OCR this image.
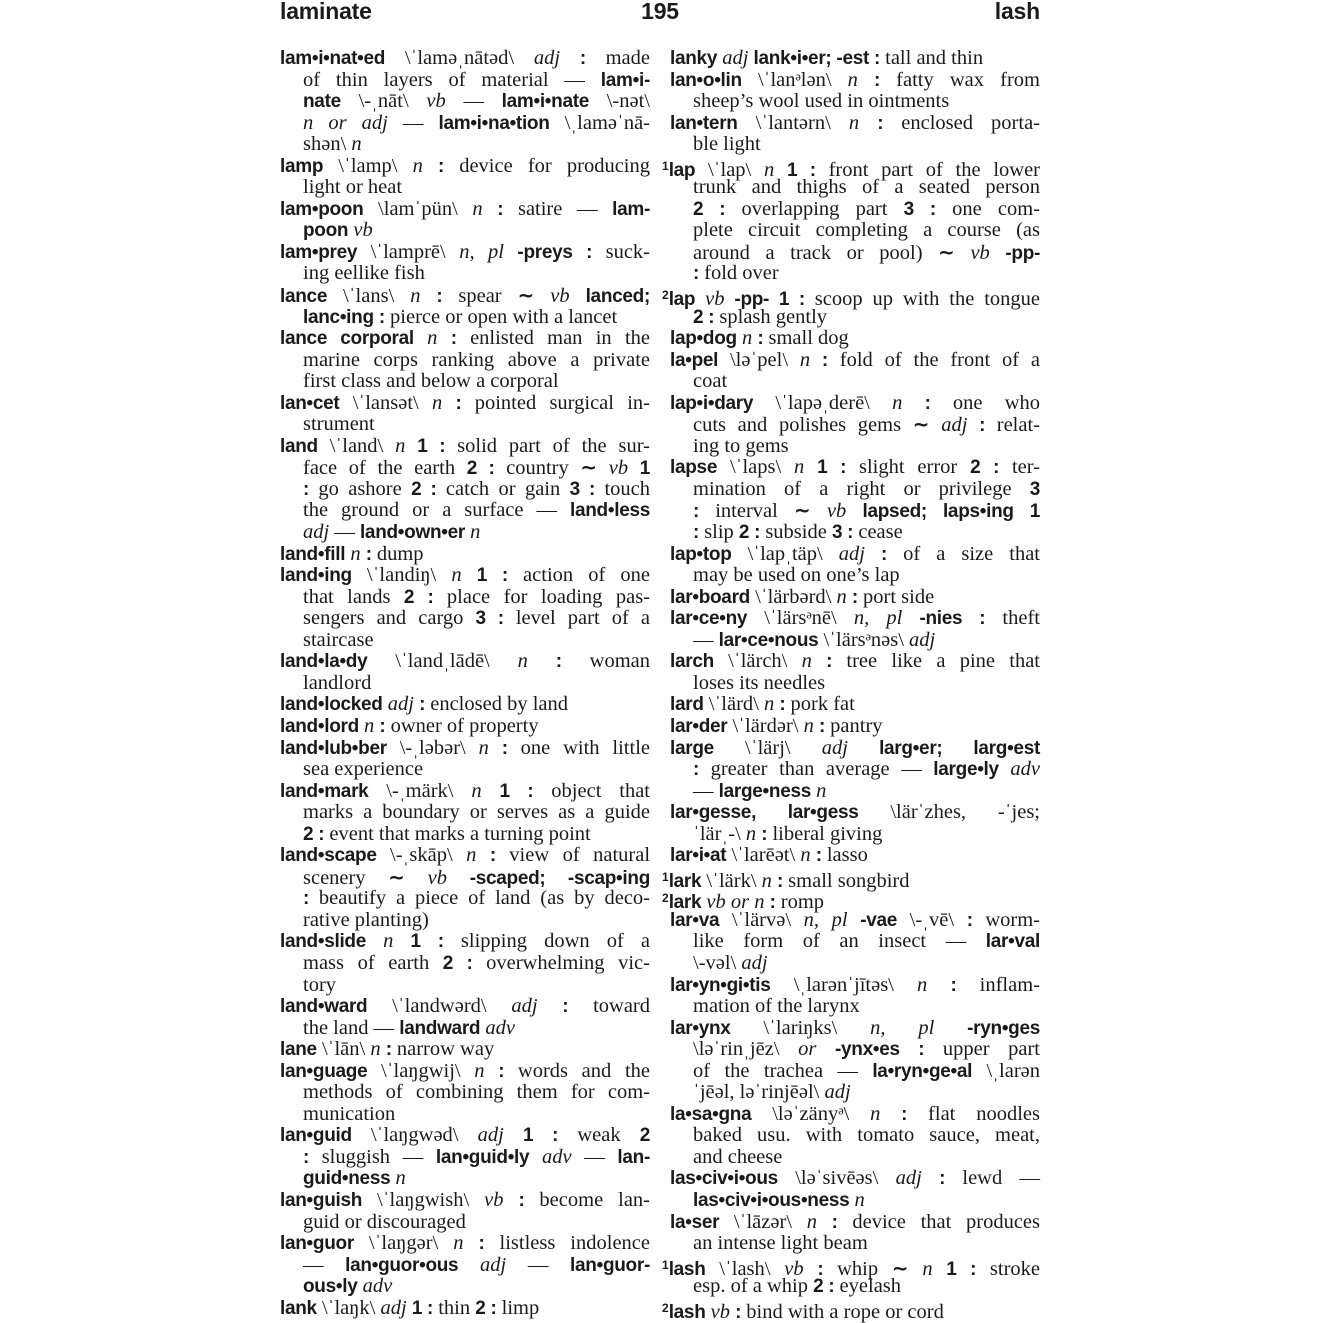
laminate	195	lash
lam•i•nat•ed \ˈlaməˌnātəd\ adj : made
of thin layers of material — lam•i-
nate \-ˌnāt\ vb — lam•i•nate \-nət\
n or adj — lam•i•na•tion \ˌlaməˈnā-
shən\ n
lamp \ˈlamp\ n : device for producing
light or heat
lam•poon \lamˈpün\ n : satire — lam-
poon vb
lam•prey \ˈlamprē\ n, pl -preys : suck-
ing eellike fish
lance \ˈlans\ n : spear ∼ vb lanced;
lanc•ing : pierce or open with a lancet
lance corporal n : enlisted man in the
marine corps ranking above a private
first class and below a corporal
lan•cet \ˈlansət\ n : pointed surgical in-
strument
land \ˈland\ n 1 : solid part of the sur-
face of the earth 2 : country ∼ vb 1
: go ashore 2 : catch or gain 3 : touch
the ground or a surface — land•less
adj — land•own•er n
land•fill n : dump
land•ing \ˈlandiŋ\ n 1 : action of one
that lands 2 : place for loading pas-
sengers and cargo 3 : level part of a
staircase
land•la•dy \ˈlandˌlādē\ n : woman
landlord
land•locked adj : enclosed by land
land•lord n : owner of property
land•lub•ber \-ˌləbər\ n : one with little
sea experience
land•mark \-ˌmärk\ n 1 : object that
marks a boundary or serves as a guide
2 : event that marks a turning point
land•scape \-ˌskāp\ n : view of natural
scenery ∼ vb -scaped; -scap•ing
: beautify a piece of land (as by deco-
rative planting)
land•slide n 1 : slipping down of a
mass of earth 2 : overwhelming vic-
tory
land•ward \ˈlandwərd\ adj : toward
the land — landward adv
lane \ˈlān\ n : narrow way
lan•guage \ˈlaŋgwij\ n : words and the
methods of combining them for com-
munication
lan•guid \ˈlaŋgwəd\ adj 1 : weak 2
: sluggish — lan•guid•ly adv — lan-
guid•ness n
lan•guish \ˈlaŋgwish\ vb : become lan-
guid or discouraged
lan•guor \ˈlaŋgər\ n : listless indolence
— lan•guor•ous adj — lan•guor-
ous•ly adv
lank \ˈlaŋk\ adj 1 : thin 2 : limp
lanky adj lank•i•er; -est : tall and thin
lan•o•lin \ˈlanᵊlən\ n : fatty wax from
sheep’s wool used in ointments
lan•tern \ˈlantərn\ n : enclosed porta-
ble light
$^1$lap \ˈlap\ n 1 : front part of the lower
trunk and thighs of a seated person
2 : overlapping part 3 : one com-
plete circuit completing a course (as
around a track or pool) ∼ vb -pp-
: fold over
$^2$lap vb -pp- 1 : scoop up with the tongue
2 : splash gently
lap•dog n : small dog
la•pel \ləˈpel\ n : fold of the front of a
coat
lap•i•dary \ˈlapəˌderē\ n : one who
cuts and polishes gems ∼ adj : relat-
ing to gems
lapse \ˈlaps\ n 1 : slight error 2 : ter-
mination of a right or privilege 3
: interval ∼ vb lapsed; laps•ing 1
: slip 2 : subside 3 : cease
lap•top \ˈlapˌtäp\ adj : of a size that
may be used on one’s lap
lar•board \ˈlärbərd\ n : port side
lar•ce•ny \ˈlärsᵊnē\ n, pl -nies : theft
— lar•ce•nous \ˈlärsᵊnəs\ adj
larch \ˈlärch\ n : tree like a pine that
loses its needles
lard \ˈlärd\ n : pork fat
lar•der \ˈlärdər\ n : pantry
large \ˈlärj\ adj larg•er; larg•est
: greater than average — large•ly adv
— large•ness n
lar•gesse, lar•gess \lärˈzhes, -ˈjes;
ˈlärˌ-\ n : liberal giving
lar•i•at \ˈlarēət\ n : lasso
$^1$lark \ˈlärk\ n : small songbird
$^2$lark vb or n : romp
lar•va \ˈlärvə\ n, pl -vae \-ˌvē\ : worm-
like form of an insect — lar•val
\-vəl\ adj
lar•yn•gi•tis \ˌlarənˈjītəs\ n : inflam-
mation of the larynx
lar•ynx \ˈlariŋks\ n, pl -ryn•ges
\ləˈrinˌjēz\ or -ynx•es : upper part
of the trachea — la•ryn•ge•al \ˌlarən
ˈjēəl, ləˈrinjēəl\ adj
la•sa•gna \ləˈzänyᵊ\ n : flat noodles
baked usu. with tomato sauce, meat,
and cheese
las•civ•i•ous \ləˈsivēəs\ adj : lewd —
las•civ•i•ous•ness n
la•ser \ˈlāzər\ n : device that produces
an intense light beam
$^1$lash \ˈlash\ vb : whip ∼ n 1 : stroke
esp. of a whip 2 : eyelash
$^2$lash vb : bind with a rope or cord
